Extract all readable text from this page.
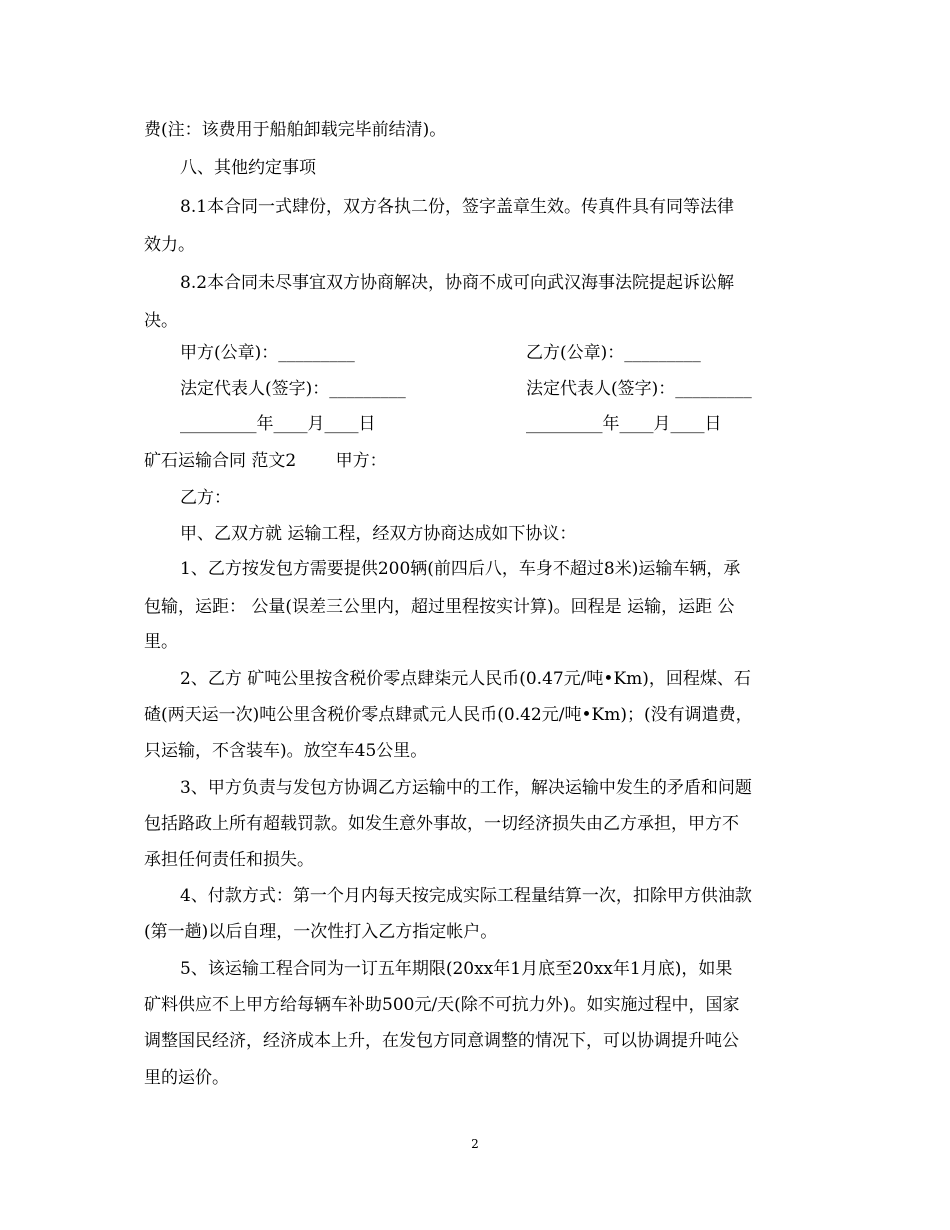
费(注：该费用于船舶卸载完毕前结清)。
八、其他约定事项
8.1本合同一式肆份，双方各执二份，签字盖章生效。传真件具有同等法律
效力。
8.2本合同未尽事宜双方协商解决，协商不成可向武汉海事法院提起诉讼解
决。
甲方(公章)：_________	乙方(公章)：_________
法定代表人(签字)：_________	法定代表人(签字)：_________
_________年____月____日	_________年____月____日
矿石运输合同 范文2　　 甲方：
乙方：
甲、乙双方就 运输工程，经双方协商达成如下协议：
1、乙方按发包方需要提供200辆(前四后八，车身不超过8米)运输车辆，承
包输，运距： 公量(误差三公里内，超过里程按实计算)。回程是 运输，运距 公
里。
2、乙方 矿吨公里按含税价零点肆柒元人民币(0.47元/吨•Km)，回程煤、石
碴(两天运一次)吨公里含税价零点肆贰元人民币(0.42元/吨•Km)；(没有调遣费，
只运输，不含装车)。放空车45公里。
3、甲方负责与发包方协调乙方运输中的工作，解决运输中发生的矛盾和问题
包括路政上所有超载罚款。如发生意外事故，一切经济损失由乙方承担，甲方不
承担任何责任和损失。
4、付款方式：第一个月内每天按完成实际工程量结算一次，扣除甲方供油款
(第一趟)以后自理，一次性打入乙方指定帐户。
5、该运输工程合同为一订五年期限(20xx年1月底至20xx年1月底)，如果
矿料供应不上甲方给每辆车补助500元/天(除不可抗力外)。如实施过程中，国家
调整国民经济，经济成本上升，在发包方同意调整的情况下，可以协调提升吨公
里的运价。
2
